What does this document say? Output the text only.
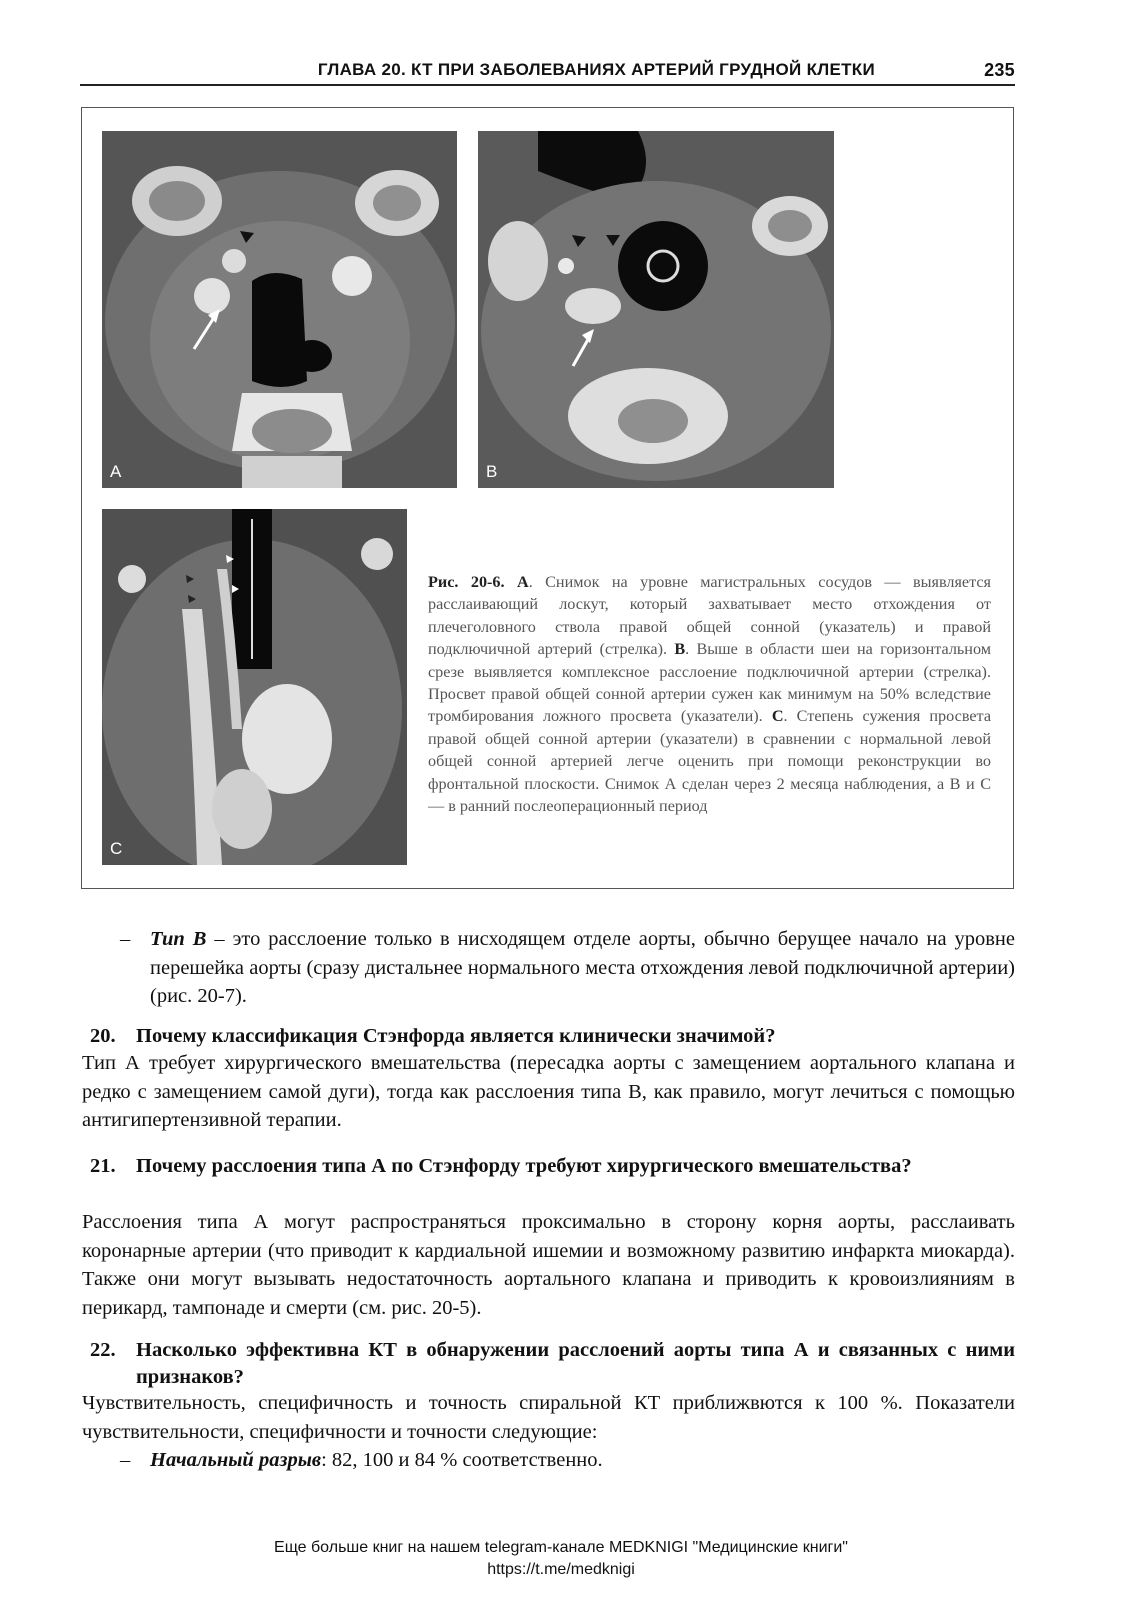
ГЛАВА 20. КТ ПРИ ЗАБОЛЕВАНИЯХ АРТЕРИЙ ГРУДНОЙ КЛЕТКИ	235
A	B
C
Рис. 20-6. А. Снимок на уровне магистральных сосудов — выявляется расслаивающий лоскут, который захватывает место отхождения от плечеголовного ствола правой общей сонной (указатель) и правой подключичной артерий (стрелка). В. Выше в области шеи на горизонтальном срезе выявляется комплексное расслоение подключичной артерии (стрелка). Просвет правой общей сонной артерии сужен как минимум на 50% вследствие тромбирования ложного просвета (указатели). С. Степень сужения просвета правой общей сонной артерии (указатели) в сравнении с нормальной левой общей сонной артерией легче оценить при помощи реконструкции во фронтальной плоскости. Снимок А сделан через 2 месяца наблюдения, а В и С — в ранний послеоперационный период
– Тип В – это расслоение только в нисходящем отделе аорты, обычно берущее начало на уровне перешейка аорты (сразу дистальнее нормального места отхождения левой подключичной артерии) (рис. 20-7).
20. Почему классификация Стэнфорда является клинически значимой?
Тип А требует хирургического вмешательства (пересадка аорты с замещением аортального клапана и редко с замещением самой дуги), тогда как расслоения типа В, как правило, могут лечиться с помощью антигипертензивной терапии.
21. Почему расслоения типа А по Стэнфорду требуют хирургического вмешательства?
Расслоения типа А могут распространяться проксимально в сторону корня аорты, расслаивать коронарные артерии (что приводит к кардиальной ишемии и возможному развитию инфаркта миокарда). Также они могут вызывать недостаточность аортального клапана и приводить к кровоизлияниям в перикард, тампонаде и смерти (см. рис. 20-5).
22. Насколько эффективна КТ в обнаружении расслоений аорты типа А и связанных с ними признаков?
Чувствительность, специфичность и точность спиральной КТ приближвются к 100 %. Показатели чувствительности, специфичности и точности следующие:
– Начальный разрыв: 82, 100 и 84 % соответственно.
Еще больше книг на нашем telegram-канале MEDKNIGI "Медицинские книги"
https://t.me/medknigi
